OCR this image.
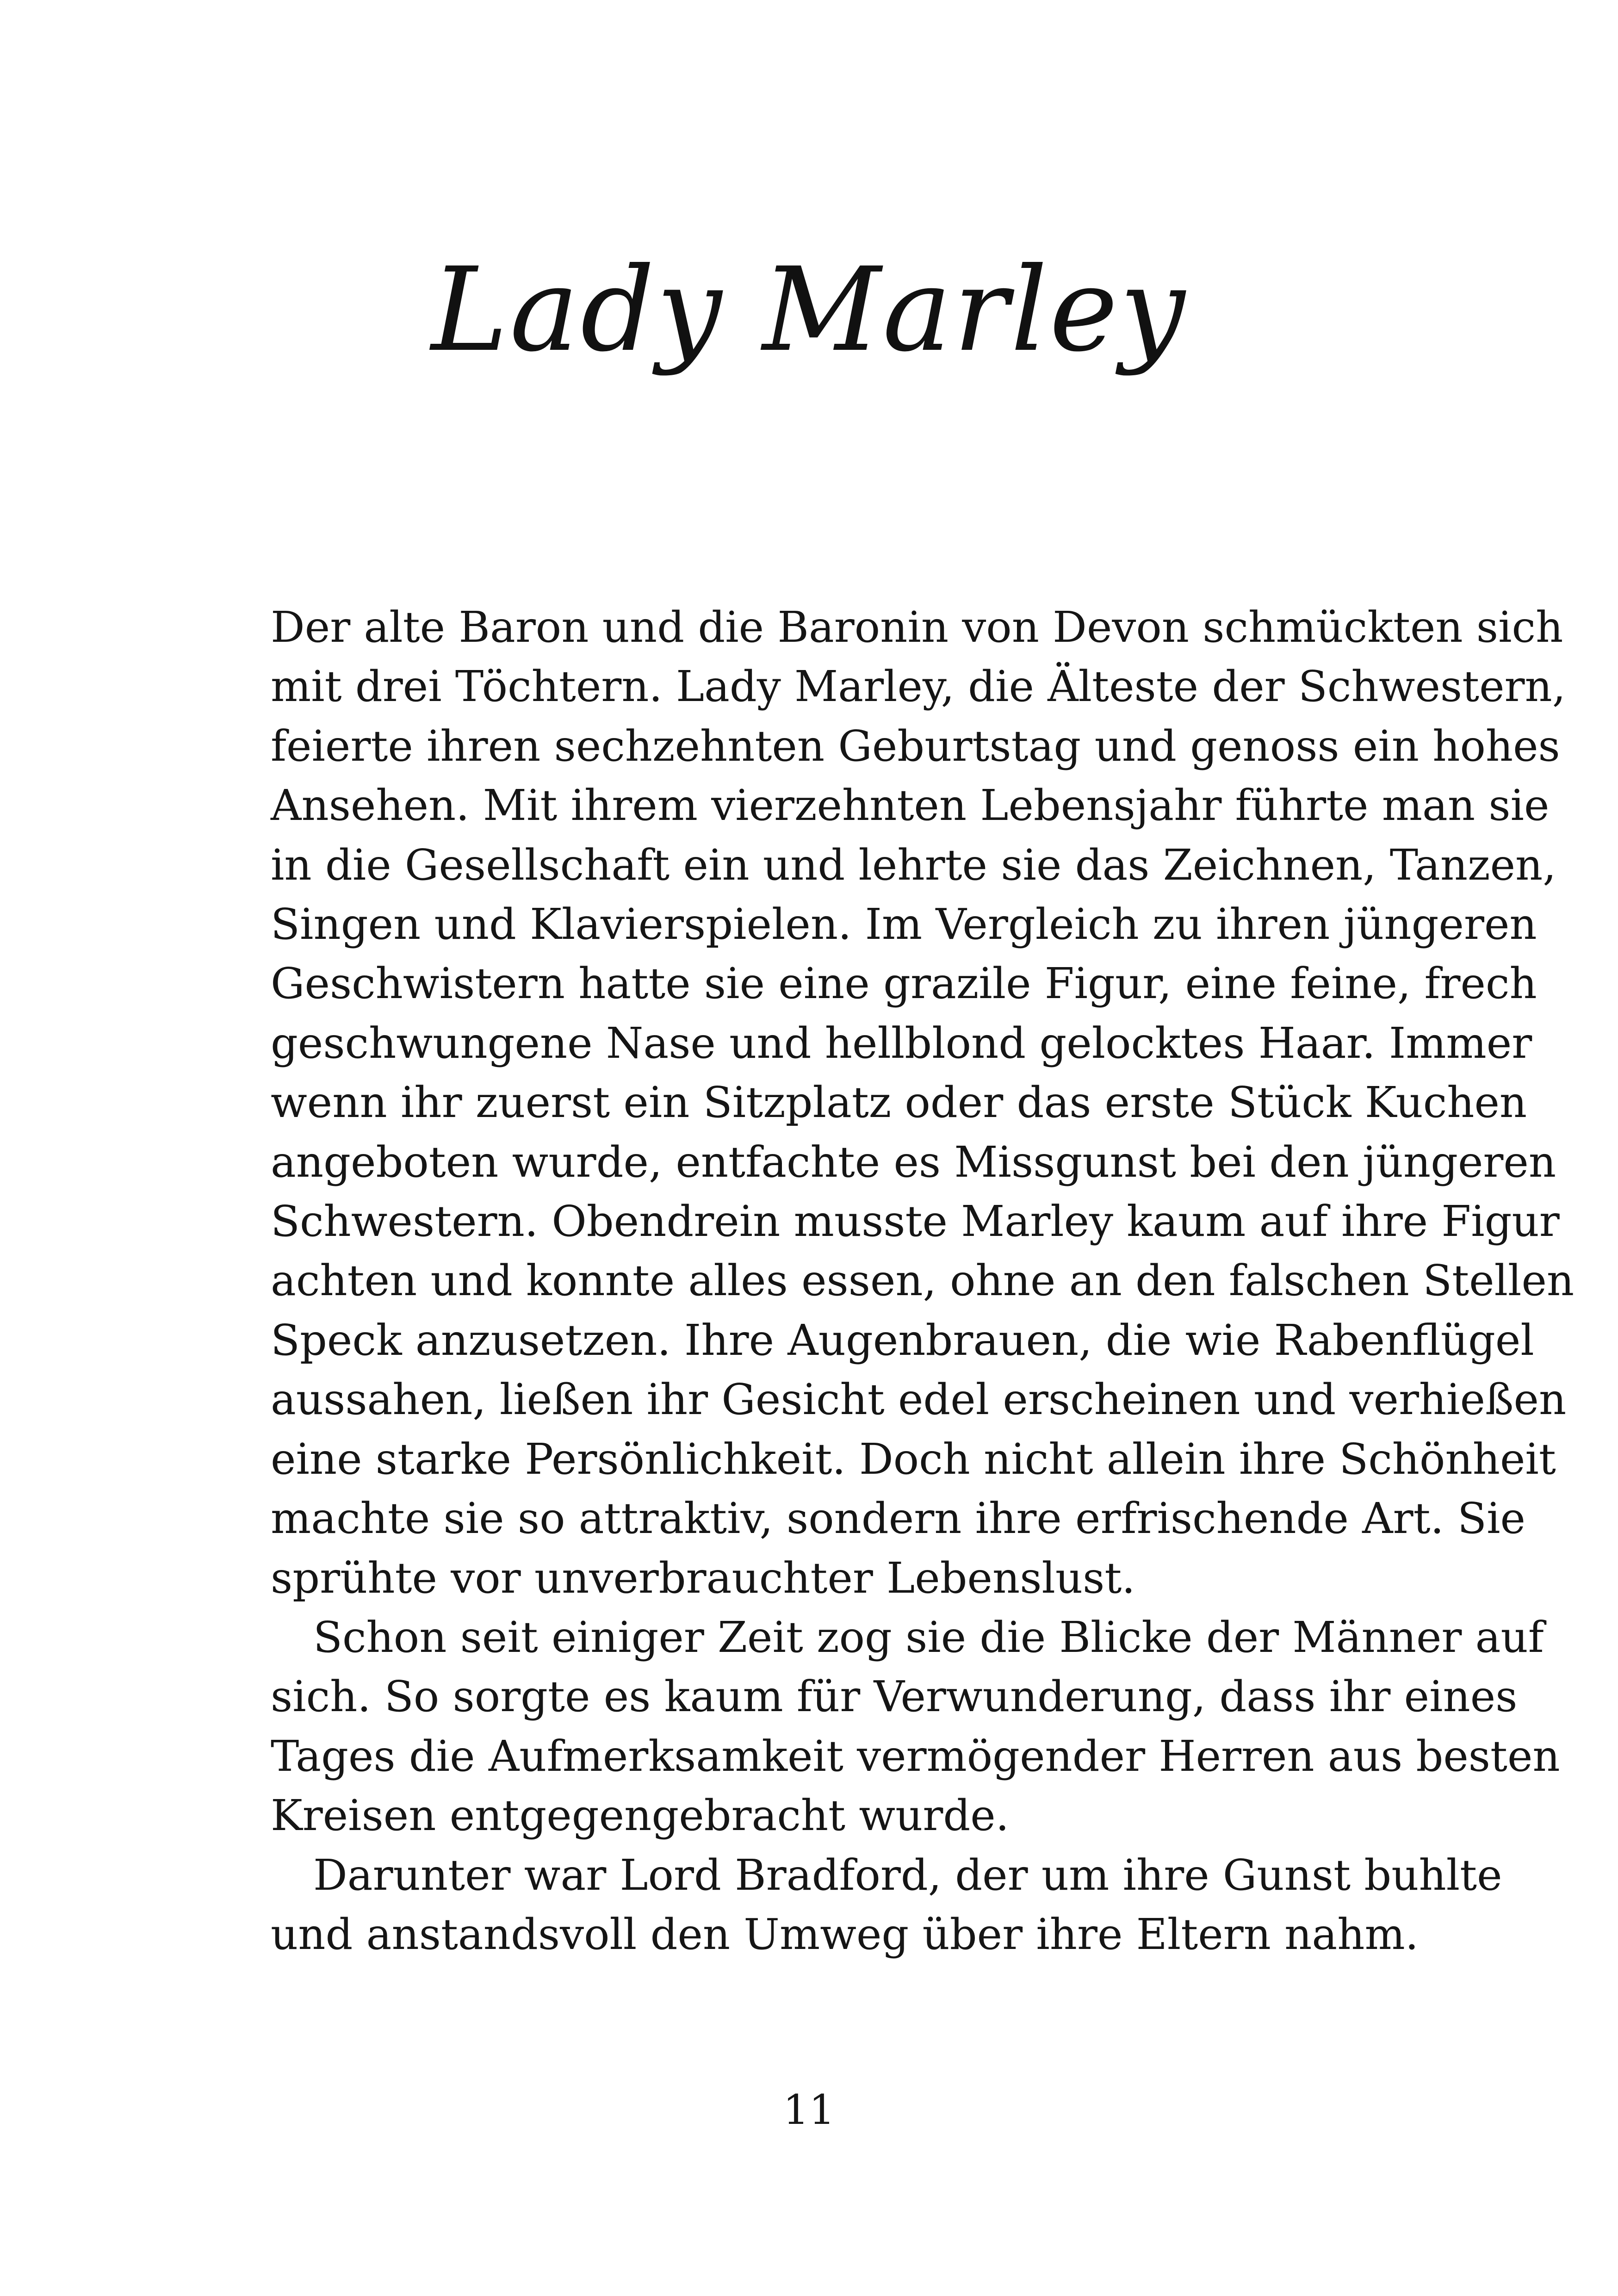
Lady Marley

Der alte Baron und die Baronin von Devon schmückten sich
mit drei Töchtern. Lady Marley, die Älteste der Schwestern,
feierte ihren sechzehnten Geburtstag und genoss ein hohes
Ansehen. Mit ihrem vierzehnten Lebensjahr führte man sie
in die Gesellschaft ein und lehrte sie das Zeichnen, Tanzen,
Singen und Klavierspielen. Im Vergleich zu ihren jüngeren
Geschwistern hatte sie eine grazile Figur, eine feine, frech
geschwungene Nase und hellblond gelocktes Haar. Immer
wenn ihr zuerst ein Sitzplatz oder das erste Stück Kuchen
angeboten wurde, entfachte es Missgunst bei den jüngeren
Schwestern. Obendrein musste Marley kaum auf ihre Figur
achten und konnte alles essen, ohne an den falschen Stellen
Speck anzusetzen. Ihre Augenbrauen, die wie Rabenflügel
aussahen, ließen ihr Gesicht edel erscheinen und verhießen
eine starke Persönlichkeit. Doch nicht allein ihre Schönheit
machte sie so attraktiv, sondern ihre erfrischende Art. Sie
sprühte vor unverbrauchter Lebenslust.

Schon seit einiger Zeit zog sie die Blicke der Männer auf
sich. So sorgte es kaum für Verwunderung, dass ihr eines
Tages die Aufmerksamkeit vermögender Herren aus besten
Kreisen entgegengebracht wurde.

Darunter war Lord Bradford, der um ihre Gunst buhlte
und anstandsvoll den Umweg über ihre Eltern nahm.

11
